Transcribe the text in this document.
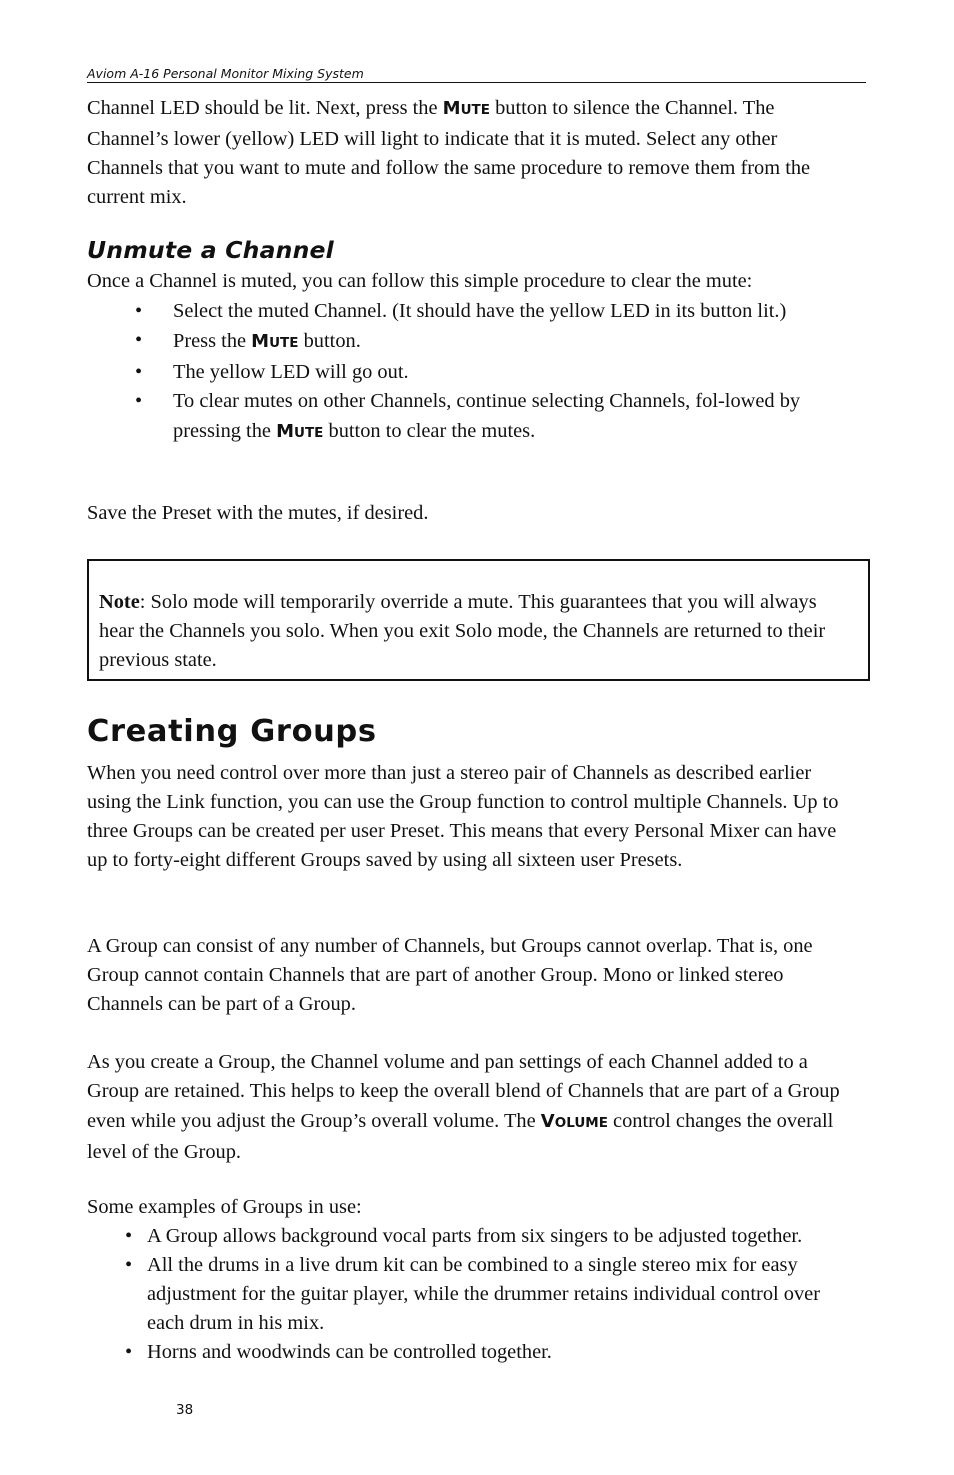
Aviom A-16 Personal Monitor Mixing System

Channel LED should be lit. Next, press the MUTE button to silence the Channel. The Channel’s lower (yellow) LED will light to indicate that it is muted. Select any other Channels that you want to mute and follow the same procedure to remove them from the current mix.

Unmute a Channel

Once a Channel is muted, you can follow this simple procedure to clear the mute:

• Select the muted Channel. (It should have the yellow LED in its button lit.)
• Press the MUTE button.
• The yellow LED will go out.
• To clear mutes on other Channels, continue selecting Channels, fol-lowed by pressing the MUTE button to clear the mutes.

Save the Preset with the mutes, if desired.

Note: Solo mode will temporarily override a mute. This guarantees that you will always hear the Channels you solo. When you exit Solo mode, the Channels are returned to their previous state.

Creating Groups

When you need control over more than just a stereo pair of Channels as described earlier using the Link function, you can use the Group function to control multiple Channels. Up to three Groups can be created per user Preset. This means that every Personal Mixer can have up to forty-eight different Groups saved by using all sixteen user Presets.

A Group can consist of any number of Channels, but Groups cannot overlap. That is, one Group cannot contain Channels that are part of another Group. Mono or linked stereo Channels can be part of a Group.

As you create a Group, the Channel volume and pan settings of each Channel added to a Group are retained. This helps to keep the overall blend of Channels that are part of a Group even while you adjust the Group’s overall volume. The VOLUME control changes the overall level of the Group.

Some examples of Groups in use:

• A Group allows background vocal parts from six singers to be adjusted together.
• All the drums in a live drum kit can be combined to a single stereo mix for easy adjustment for the guitar player, while the drummer retains individual control over each drum in his mix.
• Horns and woodwinds can be controlled together.
38
